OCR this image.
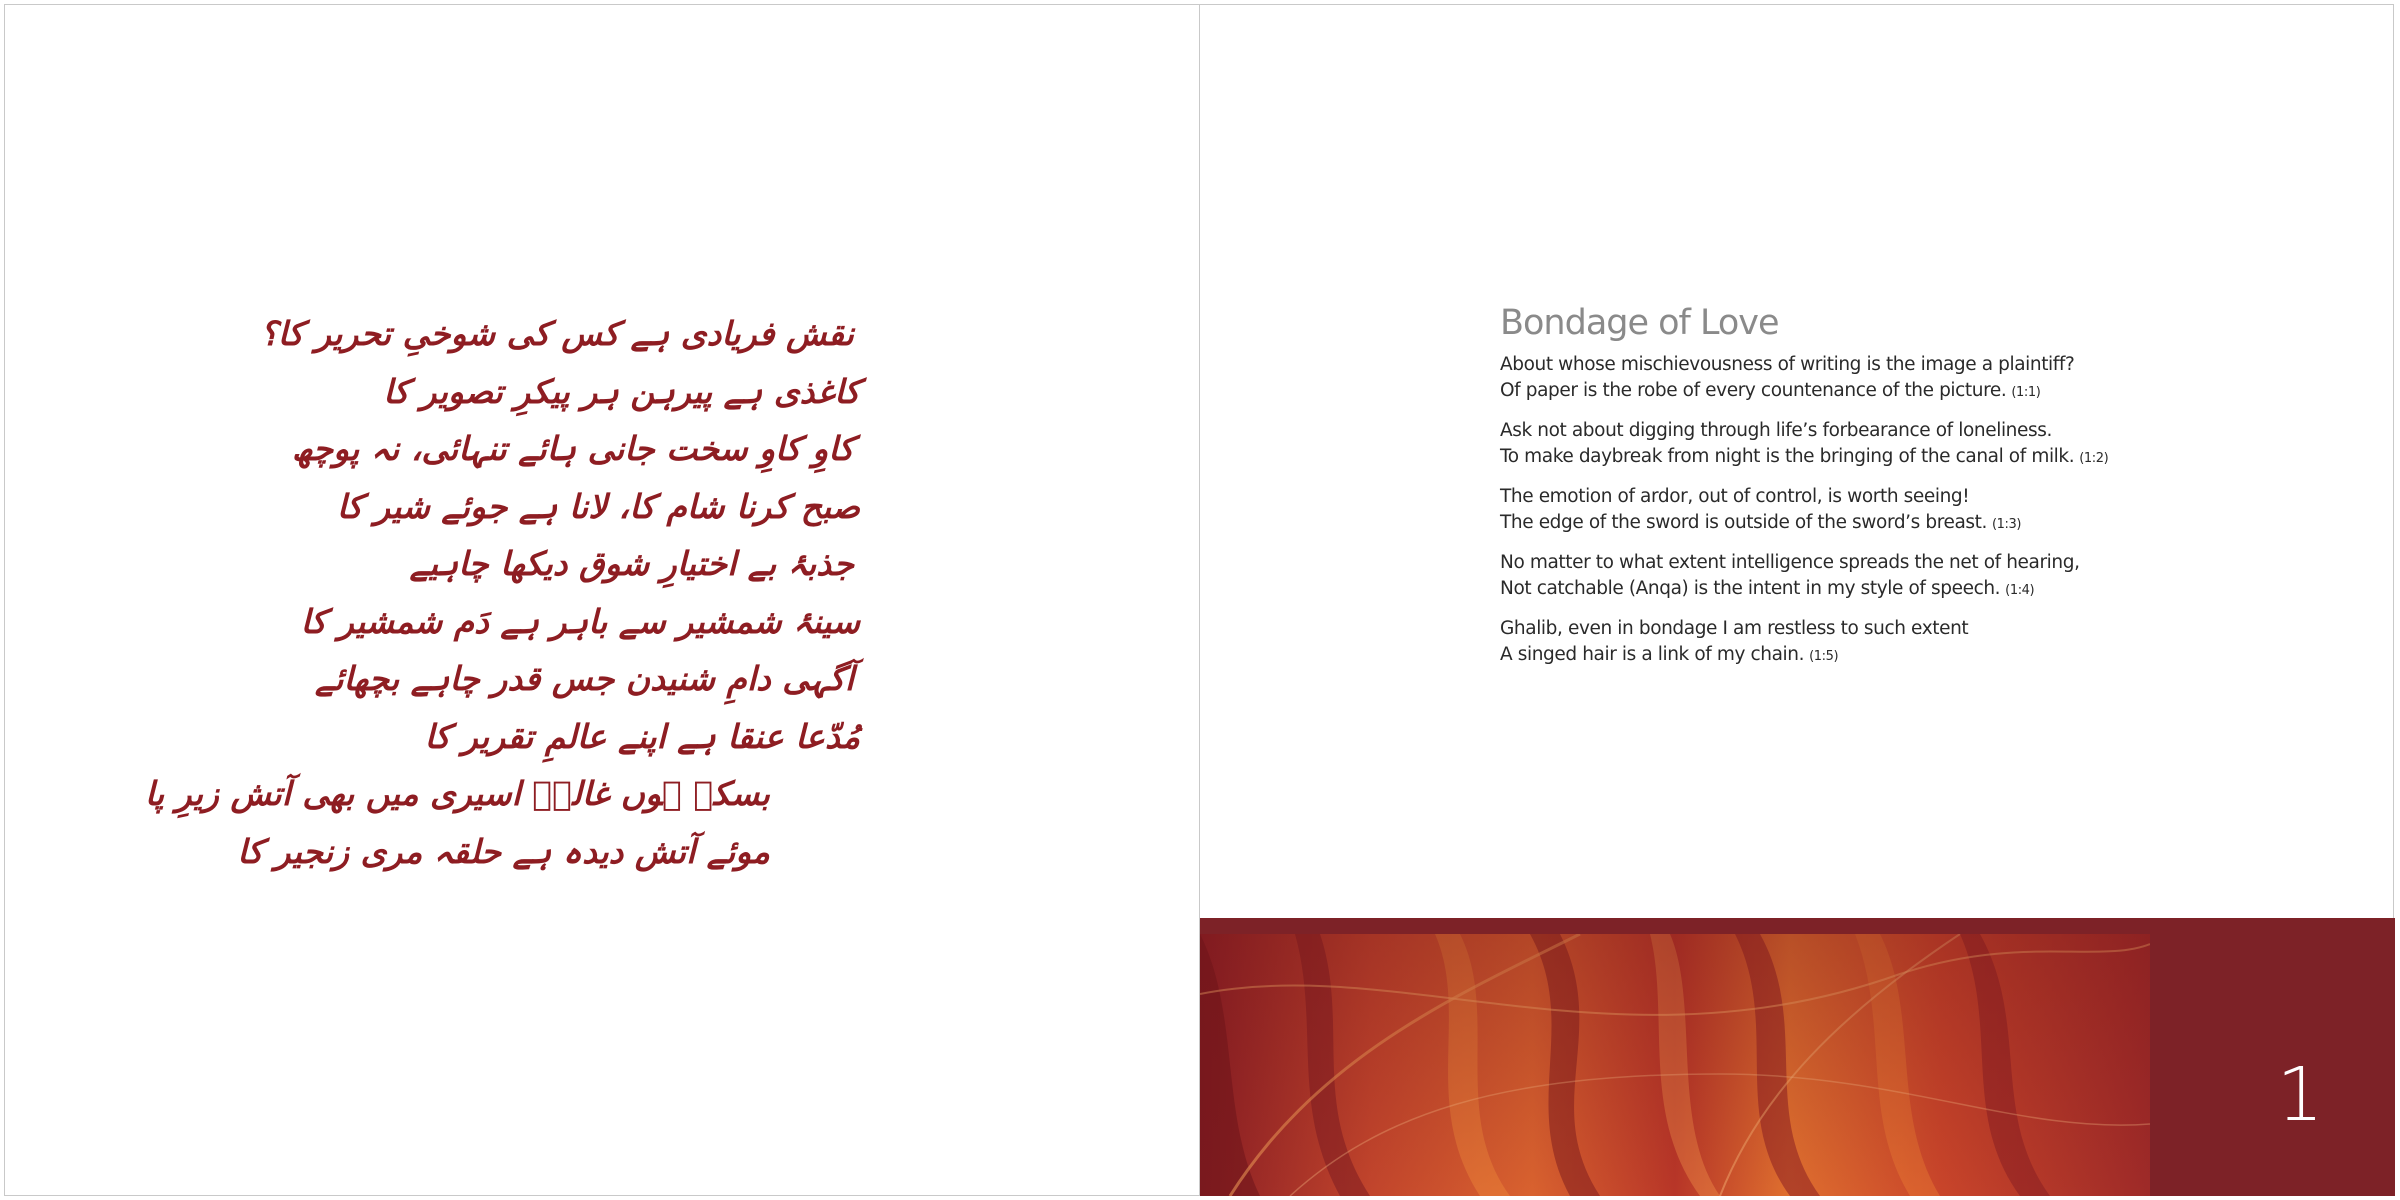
نقش فریادی ہے کس کی شوخیِ تحریر کا؟
کاغذی ہے پیرہن ہر پیکرِ تصویر کا
کاوِ کاوِ سخت جانی ہائے تنہائی، نہ پوچھ
صبح کرنا شام کا، لانا ہے جوئے شیر کا
جذبۂ بے اختیارِ شوق دیکھا چاہیے
سینۂ شمشیر سے باہر ہے دَم شمشیر کا
آگہی دامِ شنیدن جس قدر چاہے بچھائے
مُدّعا عنقا ہے اپنے عالمِ تقریر کا
بسکہ ہوں غالبؔ اسیری میں بھی آتش زیرِ پا
موئے آتش دیدہ ہے حلقہ مری زنجیر کا
Bondage of Love
About whose mischievousness of writing is the image a plaintiff?
Of paper is the robe of every countenance of the picture. (1:1)
Ask not about digging through life’s forbearance of loneliness.
To make daybreak from night is the bringing of the canal of milk. (1:2)
The emotion of ardor, out of control, is worth seeing!
The edge of the sword is outside of the sword’s breast. (1:3)
No matter to what extent intelligence spreads the net of hearing,
Not catchable (Anqa) is the intent in my style of speech. (1:4)
Ghalib, even in bondage I am restless to such extent
A singed hair is a link of my chain. (1:5)
1
